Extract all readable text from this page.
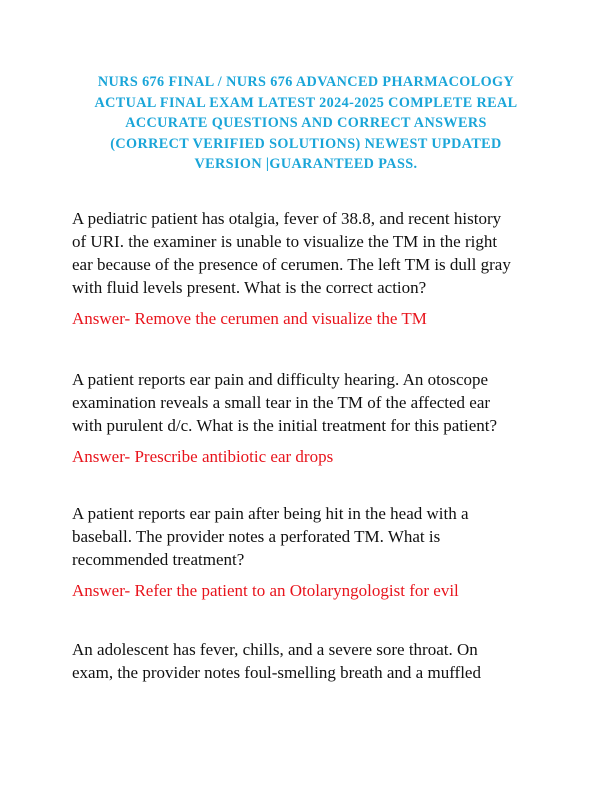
NURS 676 FINAL / NURS 676 ADVANCED PHARMACOLOGY
ACTUAL FINAL EXAM LATEST 2024-2025 COMPLETE REAL
ACCURATE QUESTIONS AND CORRECT ANSWERS
(CORRECT VERIFIED SOLUTIONS) NEWEST UPDATED
VERSION |GUARANTEED PASS.
A pediatric patient has otalgia, fever of 38.8, and recent history
of URI. the examiner is unable to visualize the TM in the right
ear because of the presence of cerumen. The left TM is dull gray
with fluid levels present. What is the correct action?
Answer- Remove the cerumen and visualize the TM
A patient reports ear pain and difficulty hearing. An otoscope
examination reveals a small tear in the TM of the affected ear
with purulent d/c. What is the initial treatment for this patient?
Answer- Prescribe antibiotic ear drops
A patient reports ear pain after being hit in the head with a
baseball. The provider notes a perforated TM. What is
recommended treatment?
Answer- Refer the patient to an Otolaryngologist for evil
An adolescent has fever, chills, and a severe sore throat. On
exam, the provider notes foul-smelling breath and a muffled
